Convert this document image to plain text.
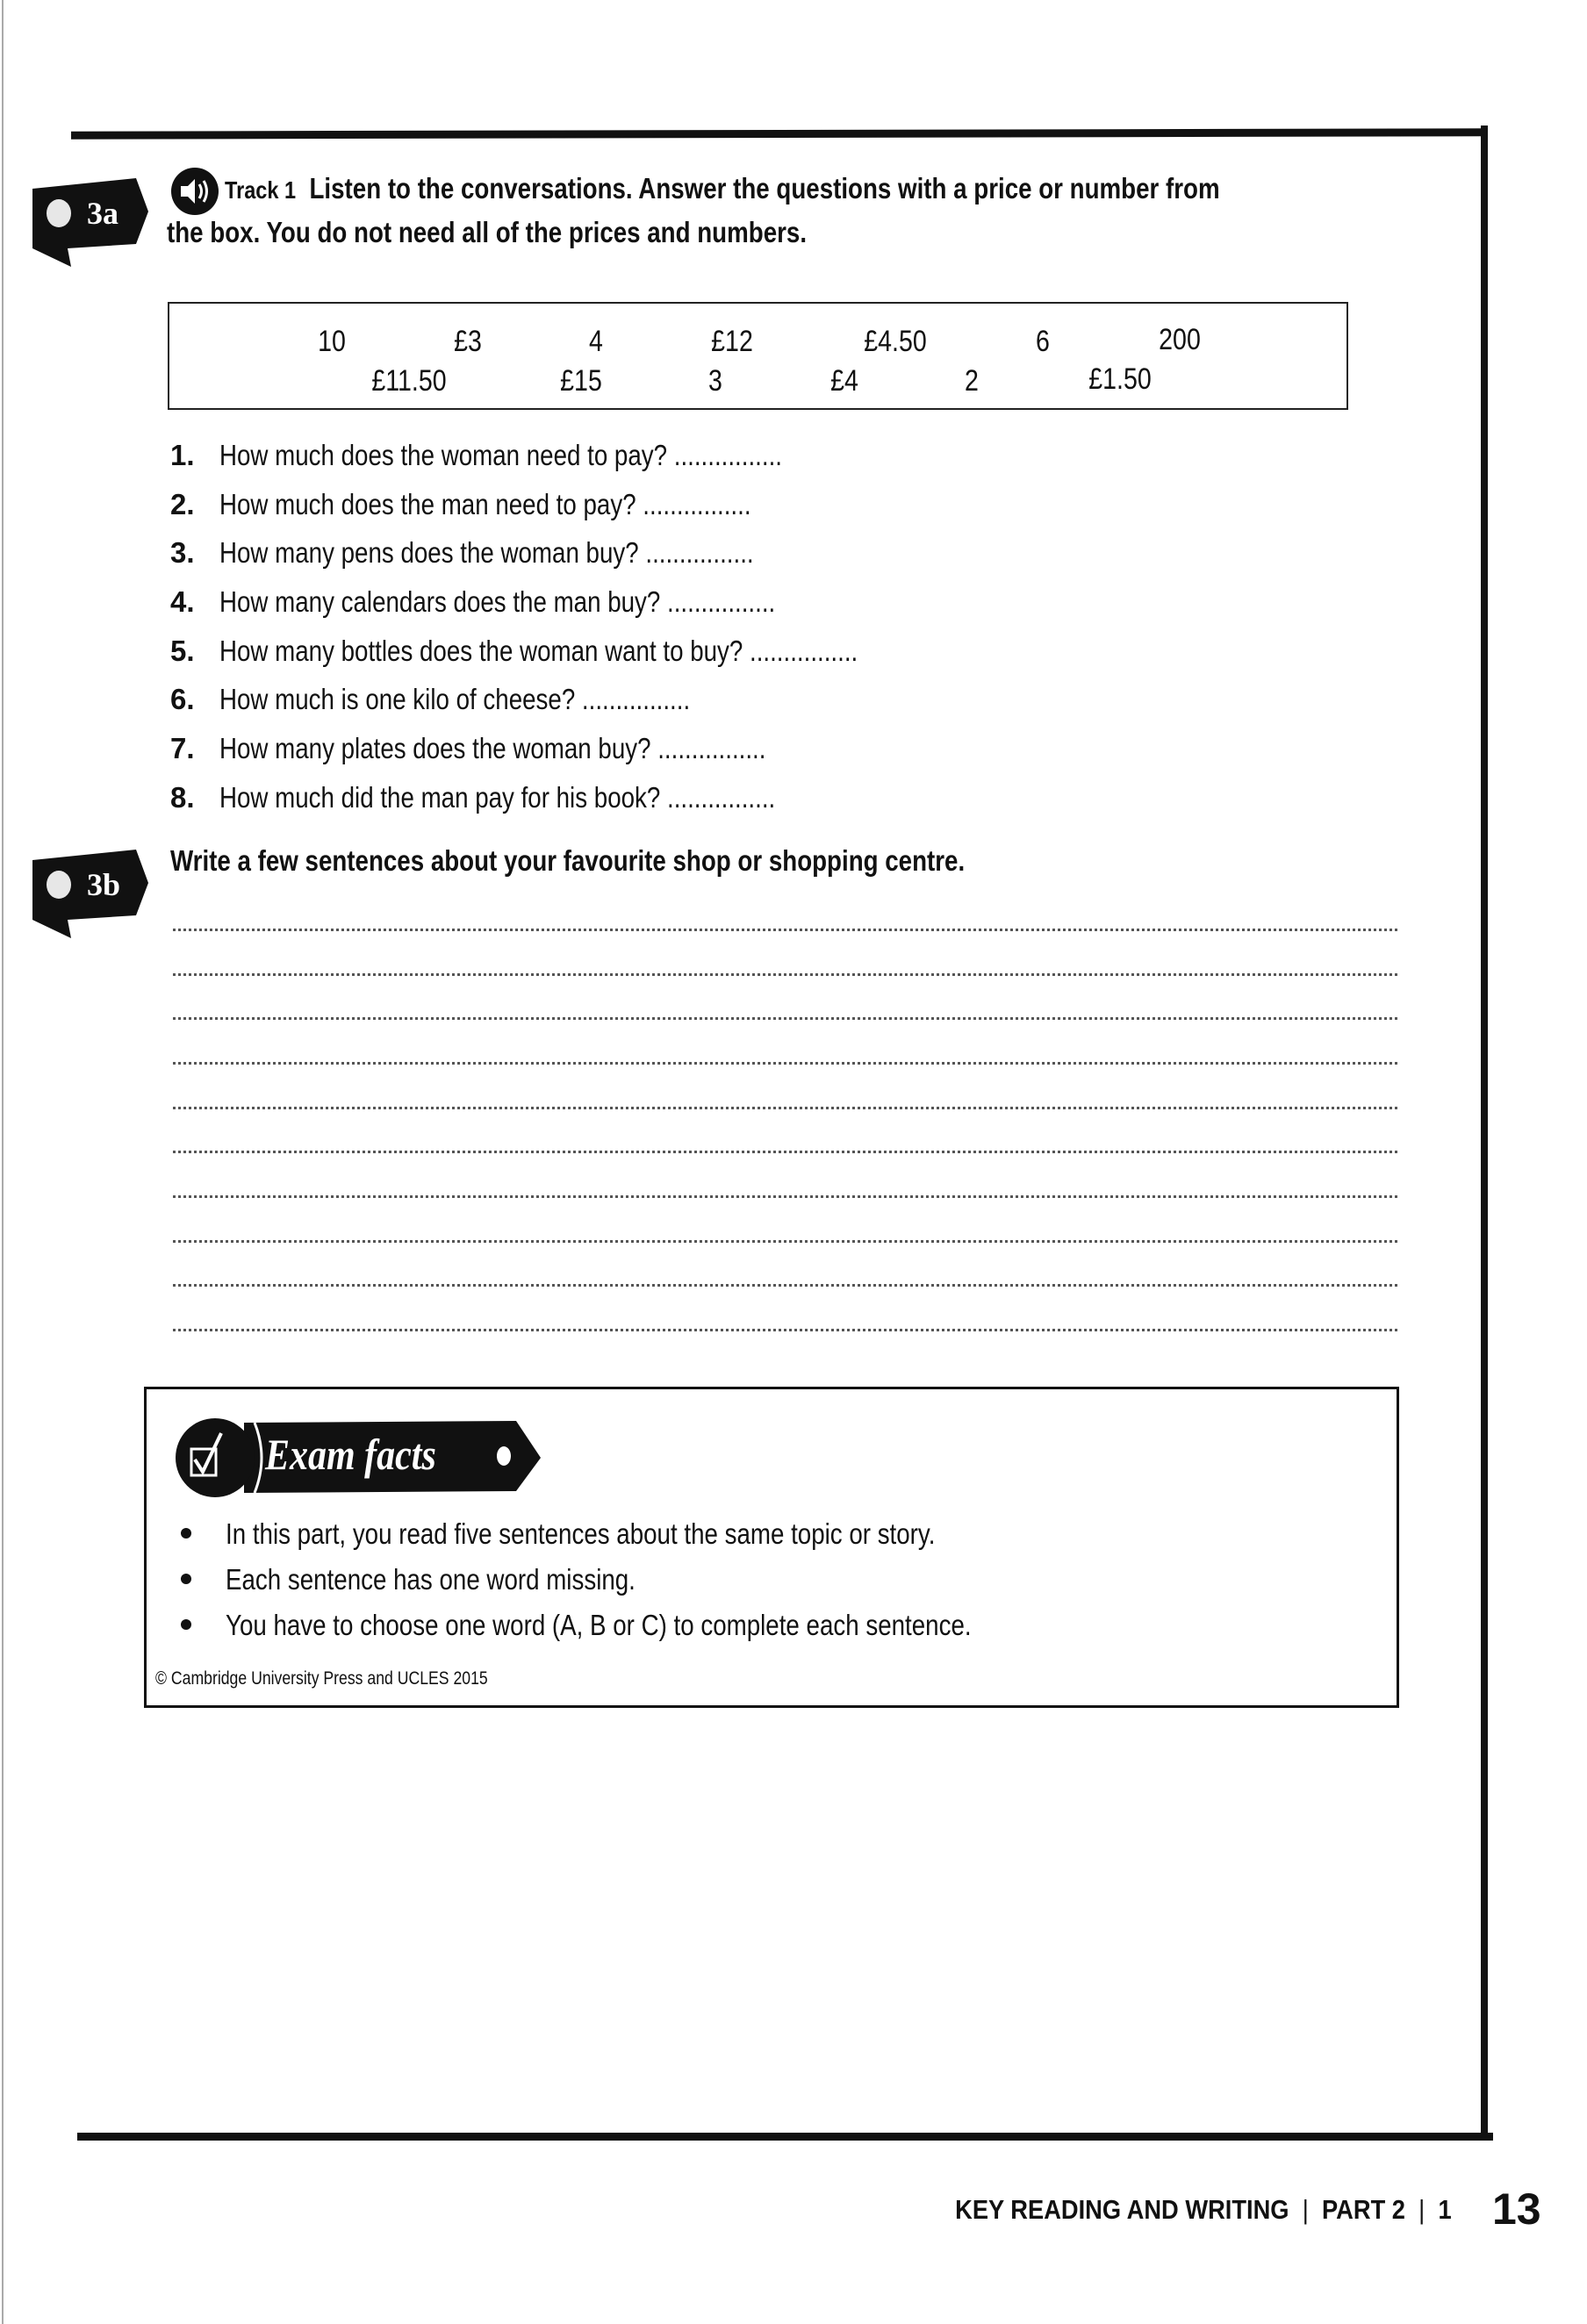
3a
Track 1 Listen to the conversations. Answer the questions with a price or number from
the box. You do not need all of the prices and numbers.
10	£3	4	£12	£4.50	6	200
£11.50	£15	3	£4	2	£1.50
1. How much does the woman need to pay? ................
2. How much does the man need to pay? ................
3. How many pens does the woman buy? ................
4. How many calendars does the man buy? ................
5. How many bottles does the woman want to buy? ................
6. How much is one kilo of cheese? ................
7. How many plates does the woman buy? ................
8. How much did the man pay for his book? ................
3b
Write a few sentences about your favourite shop or shopping centre.
Exam facts
In this part, you read five sentences about the same topic or story.
Each sentence has one word missing.
You have to choose one word (A, B or C) to complete each sentence.
© Cambridge University Press and UCLES 2015
KEY READING AND WRITING | PART 2 | 1 13
